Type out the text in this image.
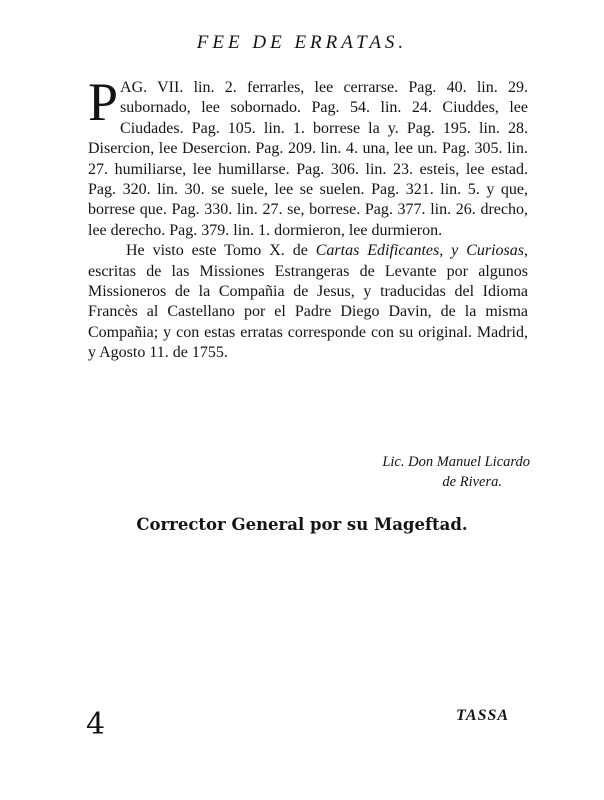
FEE DE ERRATAS.

PAG. VII. lin. 2. ferrarles, lee cerrarse. Pag. 40. lin. 29. subornado, lee sobornado. Pag. 54. lin. 24. Ciuddes, lee Ciudades. Pag. 105. lin. 1. borrese la y. Pag. 195. lin. 28. Disercion, lee Desercion. Pag. 209. lin. 4. una, lee un. Pag. 305. lin. 27. humiliarse, lee humillarse. Pag. 306. lin. 23. esteis, lee estad. Pag. 320. lin. 30. se suele, lee se suelen. Pag. 321. lin. 5. y que, borrese que. Pag. 330. lin. 27. se, borrese. Pag. 377. lin. 26. drecho, lee derecho. Pag. 379. lin. 1. dormieron, lee durmieron.

He visto este Tomo X. de Cartas Edificantes, y Curiosas, escritas de las Missiones Estrangeras de Levante por algunos Missioneros de la Compañia de Jesus, y traducidas del Idioma Francès al Castellano por el Padre Diego Davin, de la misma Compañia; y con estas erratas corresponde con su original. Madrid, y Agosto 11. de 1755.

Lic. Don Manuel Licardo
de Rivera.
Corrector General por su Mageftad.
4	TASSA
